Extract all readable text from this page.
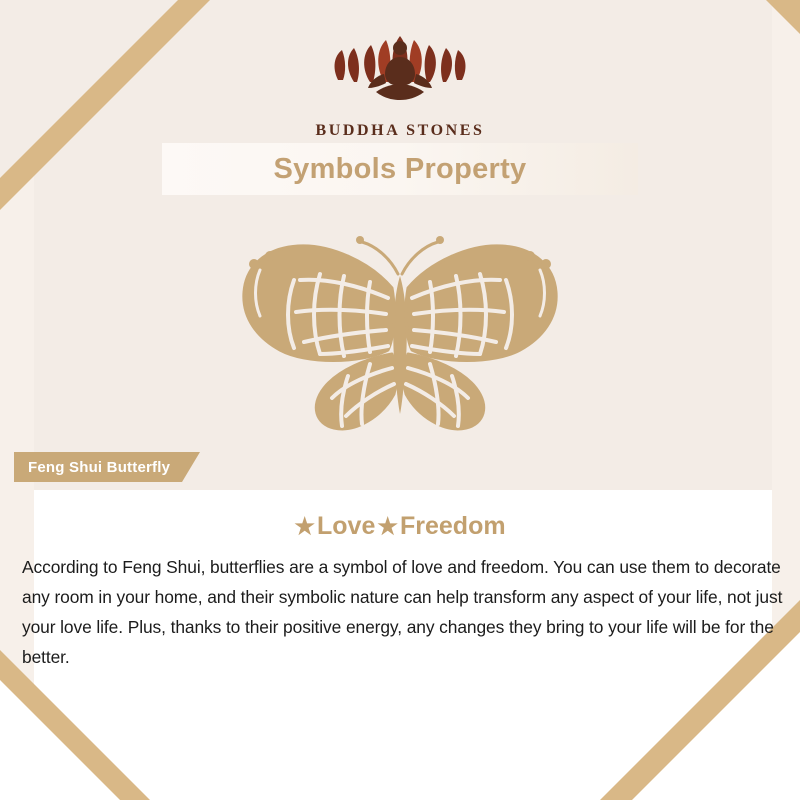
BUDDHA STONES
Symbols Property
Feng Shui Butterfly
★ Love ★ Freedom
According to Feng Shui, butterflies are a symbol of love and freedom. You can use them to decorate any room in your home, and their symbolic nature can help transform any aspect of your life, not just your love life. Plus, thanks to their positive energy, any changes they bring to your life will be for the better.
